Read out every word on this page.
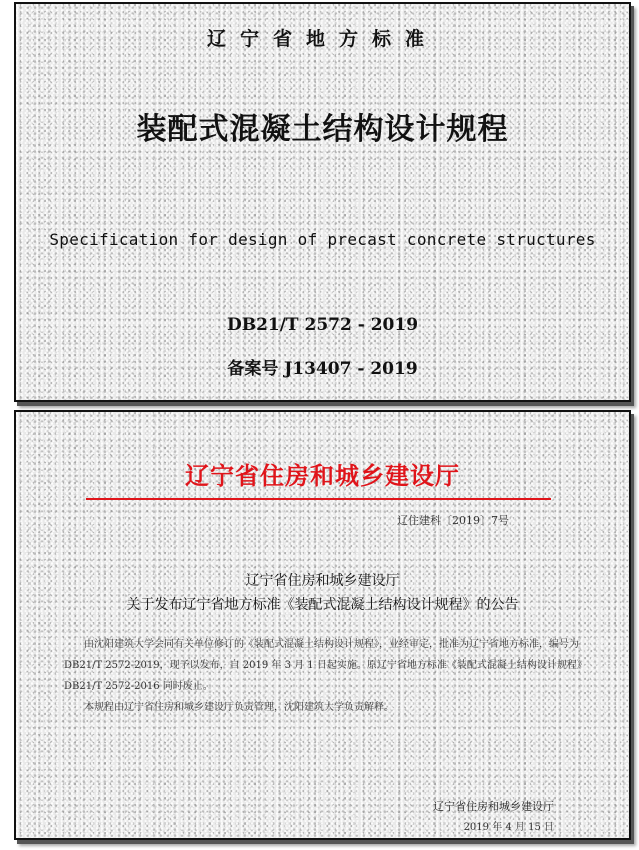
辽宁省地方标准
装配式混凝土结构设计规程
Specification for design of precast concrete structures
DB21/T 2572 - 2019
备案号 J13407 - 2019
辽宁省住房和城乡建设厅
辽住建科〔2019〕7号
辽宁省住房和城乡建设厅
关于发布辽宁省地方标准《装配式混凝土结构设计规程》的公告

由沈阳建筑大学会同有关单位修订的《装配式混凝土结构设计规程》，业经审定，批准为辽宁省地方标准，编号为DB21/T 2572-2019，现予以发布，自 2019 年 3 月 1 日起实施。原辽宁省地方标准《装配式混凝土结构设计规程》DB21/T 2572-2016 同时废止。

本规程由辽宁省住房和城乡建设厅负责管理，沈阳建筑大学负责解释。

辽宁省住房和城乡建设厅
2019 年 4 月 15 日
